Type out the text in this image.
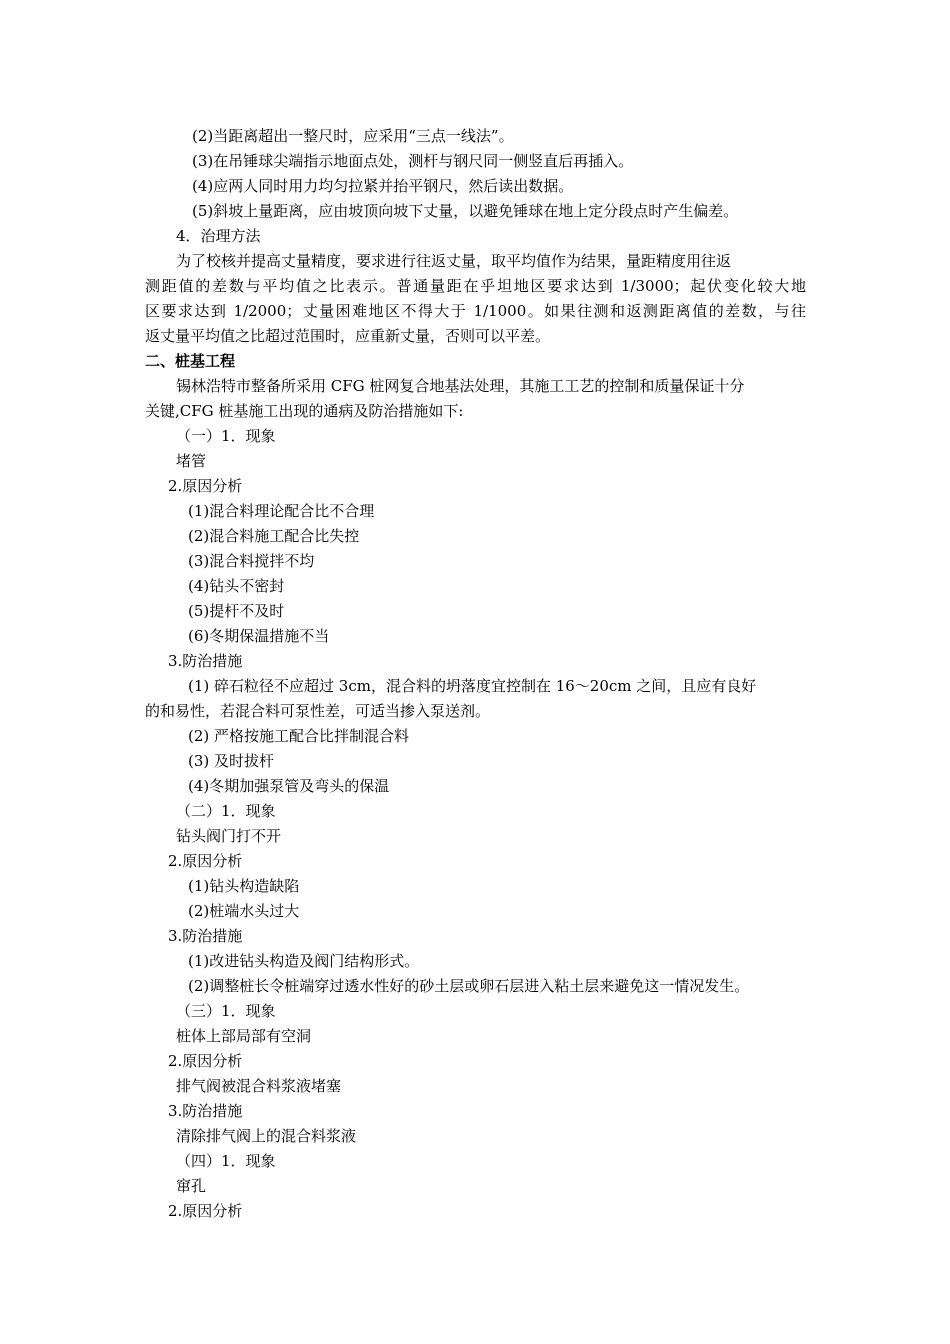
(2)当距离超出一整尺时，应采用“三点一线法”。
(3)在吊锤球尖端指示地面点处，测杆与钢尺同一侧竖直后再插入。
(4)应两人同时用力均匀拉紧并抬平钢尺，然后读出数据。
(5)斜坡上量距离，应由坡顶向坡下丈量，以避免锤球在地上定分段点时产生偏差。
4．治理方法
为了校核并提高丈量精度，要求进行往返丈量，取平均值作为结果，量距精度用往返
测距值的差数与平均值之比表示。普通量距在乎坦地区要求达到 1/3000；起伏变化较大地
区要求达到 1/2000；丈量困难地区不得大于 1/1000。如果往测和返测距离值的差数，与往
返丈量平均值之比超过范围时，应重新丈量，否则可以平差。
二、桩基工程
锡林浩特市整备所采用 CFG 桩网复合地基法处理，其施工工艺的控制和质量保证十分
关键,CFG 桩基施工出现的通病及防治措施如下:
（一）1．现象
堵管
2.原因分析
(1)混合料理论配合比不合理
(2)混合料施工配合比失控
(3)混合料搅拌不均
(4)钻头不密封
(5)提杆不及时
(6)冬期保温措施不当
3.防治措施
(1) 碎石粒径不应超过 3cm，混合料的坍落度宜控制在 16～20cm 之间，且应有良好
的和易性，若混合料可泵性差，可适当掺入泵送剂。
(2) 严格按施工配合比拌制混合料
(3) 及时拔杆
(4)冬期加强泵管及弯头的保温
（二）1．现象
钻头阀门打不开
2.原因分析
(1)钻头构造缺陷
(2)桩端水头过大
3.防治措施
(1)改进钻头构造及阀门结构形式。
(2)调整桩长令桩端穿过透水性好的砂土层或卵石层进入粘土层来避免这一情况发生。
（三）1．现象
桩体上部局部有空洞
2.原因分析
排气阀被混合料浆液堵塞
3.防治措施
清除排气阀上的混合料浆液
（四）1．现象
窜孔
2.原因分析
